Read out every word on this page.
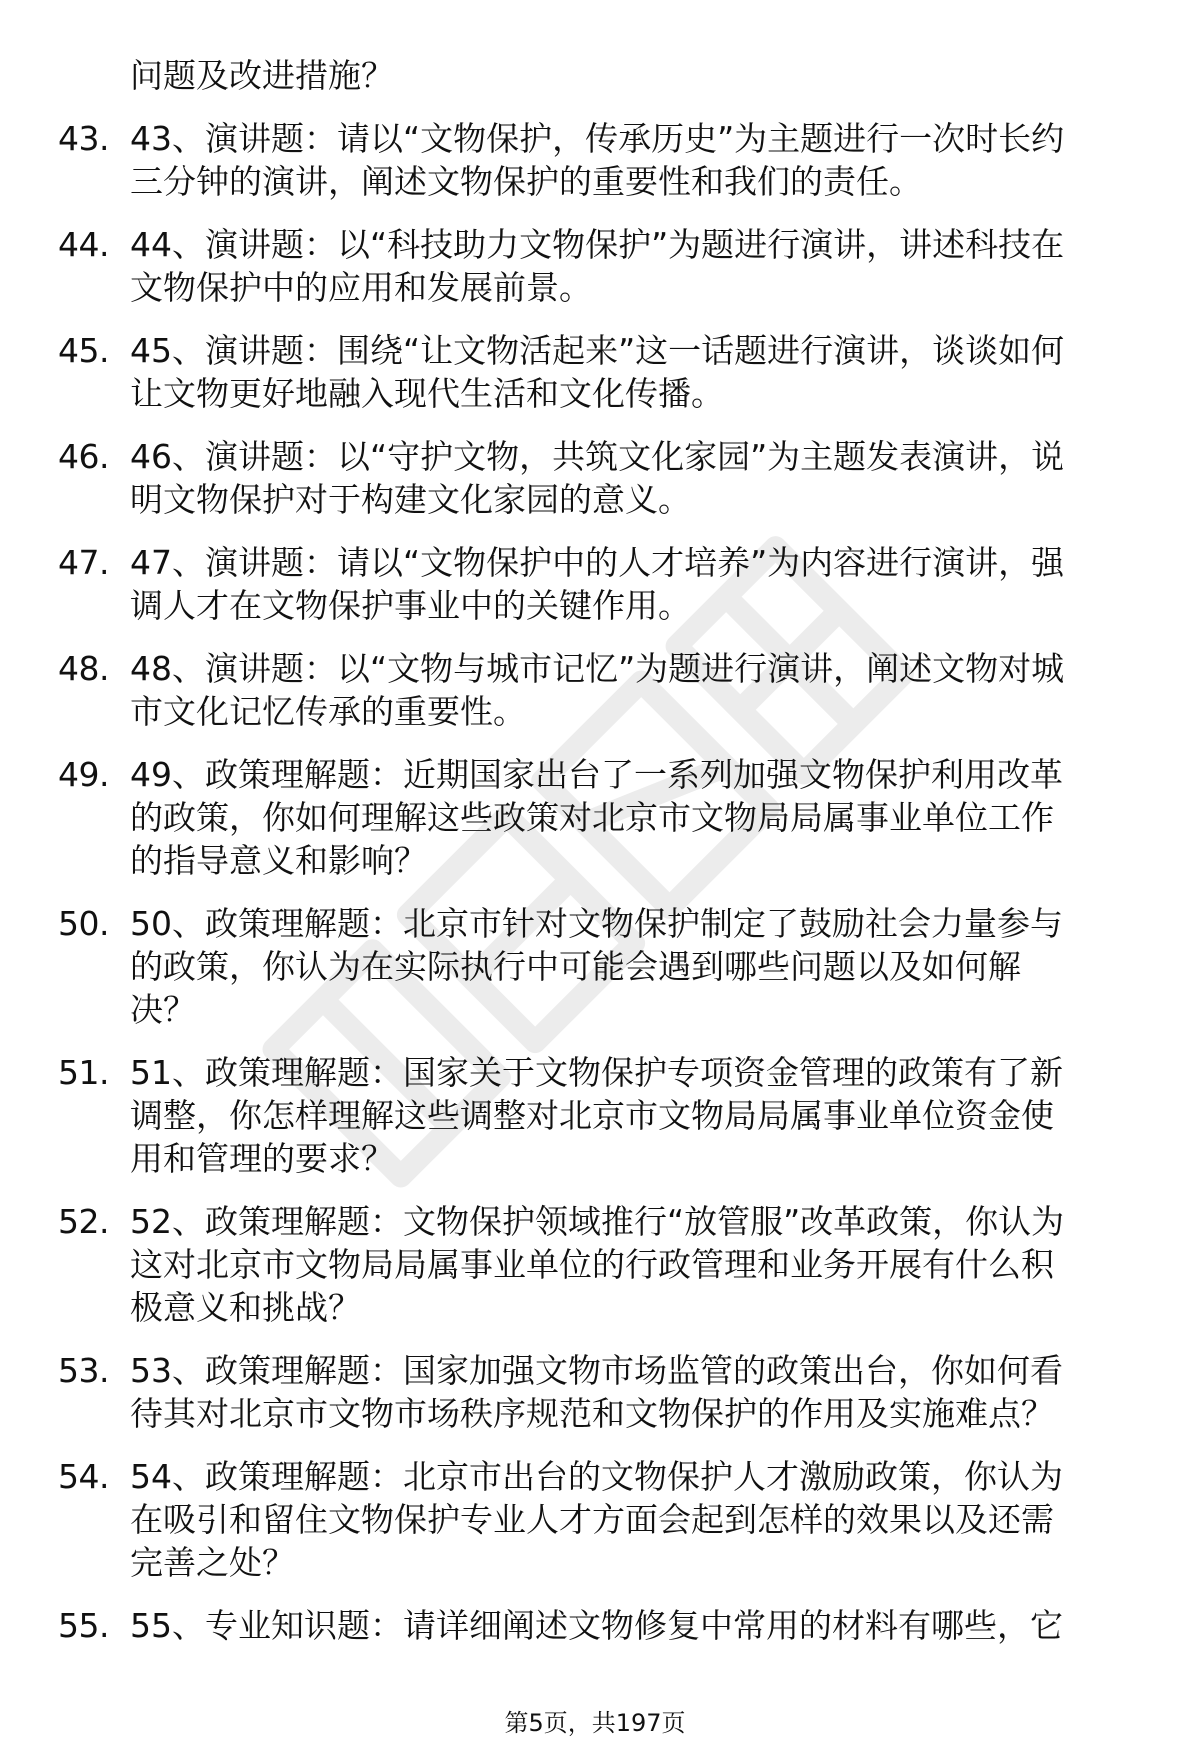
问题及改进措施？
43. 43、演讲题：请以“文物保护，传承历史”为主题进行一次时长约
三分钟的演讲，阐述文物保护的重要性和我们的责任。
44. 44、演讲题：以“科技助力文物保护”为题进行演讲，讲述科技在
文物保护中的应用和发展前景。
45. 45、演讲题：围绕“让文物活起来”这一话题进行演讲，谈谈如何
让文物更好地融入现代生活和文化传播。
46. 46、演讲题：以“守护文物，共筑文化家园”为主题发表演讲，说
明文物保护对于构建文化家园的意义。
47. 47、演讲题：请以“文物保护中的人才培养”为内容进行演讲，强
调人才在文物保护事业中的关键作用。
48. 48、演讲题：以“文物与城市记忆”为题进行演讲，阐述文物对城
市文化记忆传承的重要性。
49. 49、政策理解题：近期国家出台了一系列加强文物保护利用改革
的政策，你如何理解这些政策对北京市文物局局属事业单位工作
的指导意义和影响？
50. 50、政策理解题：北京市针对文物保护制定了鼓励社会力量参与
的政策，你认为在实际执行中可能会遇到哪些问题以及如何解
决？
51. 51、政策理解题：国家关于文物保护专项资金管理的政策有了新
调整，你怎样理解这些调整对北京市文物局局属事业单位资金使
用和管理的要求？
52. 52、政策理解题：文物保护领域推行“放管服”改革政策，你认为
这对北京市文物局局属事业单位的行政管理和业务开展有什么积
极意义和挑战？
53. 53、政策理解题：国家加强文物市场监管的政策出台，你如何看
待其对北京市文物市场秩序规范和文物保护的作用及实施难点？
54. 54、政策理解题：北京市出台的文物保护人才激励政策，你认为
在吸引和留住文物保护专业人才方面会起到怎样的效果以及还需
完善之处？
55. 55、专业知识题：请详细阐述文物修复中常用的材料有哪些，它
第5页，共197页
